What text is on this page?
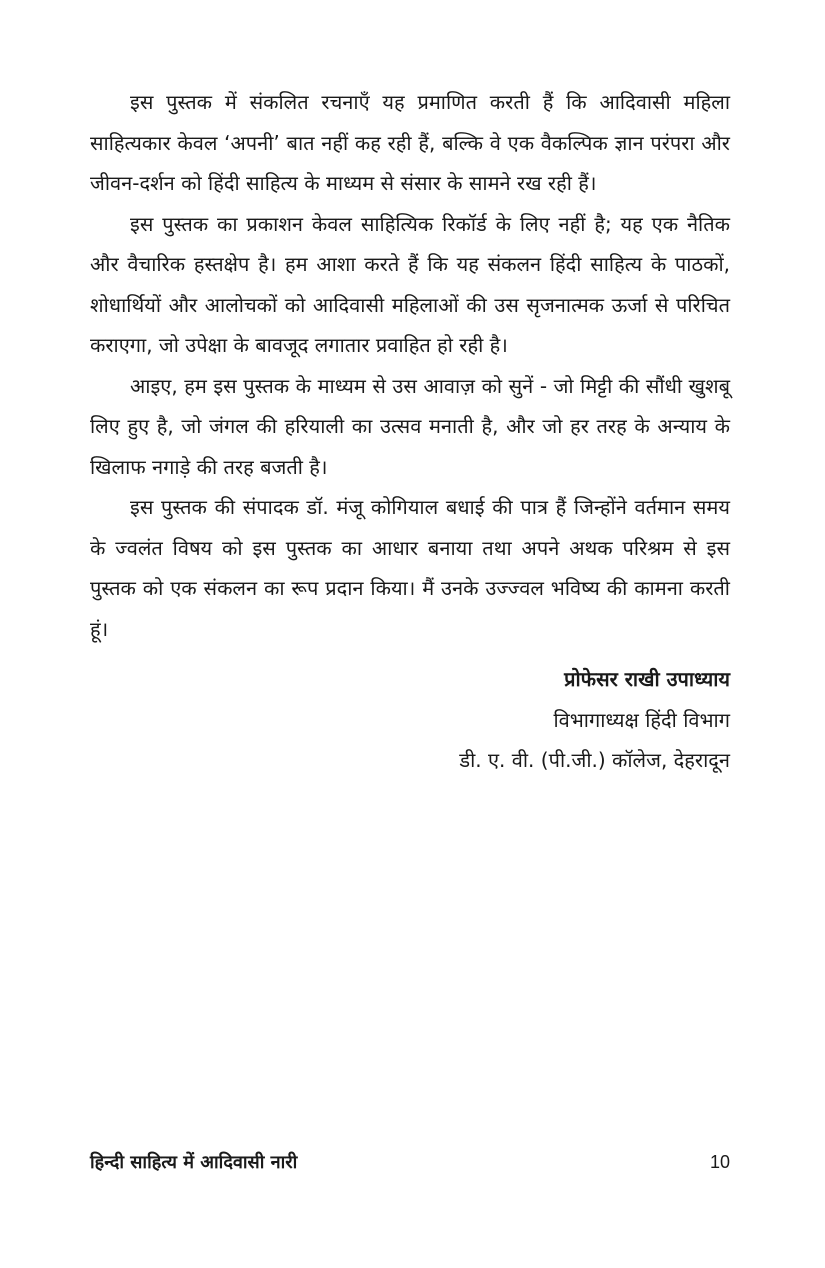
इस पुस्तक में संकलित रचनाएँ यह प्रमाणित करती हैं कि आदिवासी महिला साहित्यकार केवल ‘अपनी’ बात नहीं कह रही हैं, बल्कि वे एक वैकल्पिक ज्ञान परंपरा और जीवन-दर्शन को हिंदी साहित्य के माध्यम से संसार के सामने रख रही हैं।

इस पुस्तक का प्रकाशन केवल साहित्यिक रिकॉर्ड के लिए नहीं है; यह एक नैतिक और वैचारिक हस्तक्षेप है। हम आशा करते हैं कि यह संकलन हिंदी साहित्य के पाठकों, शोधार्थियों और आलोचकों को आदिवासी महिलाओं की उस सृजनात्मक ऊर्जा से परिचित कराएगा, जो उपेक्षा के बावजूद लगातार प्रवाहित हो रही है।

आइए, हम इस पुस्तक के माध्यम से उस आवाज़ को सुनें - जो मिट्टी की सौंधी खुशबू लिए हुए है, जो जंगल की हरियाली का उत्सव मनाती है, और जो हर तरह के अन्याय के खिलाफ नगाड़े की तरह बजती है।

इस पुस्तक की संपादक डॉ. मंजू कोगियाल बधाई की पात्र हैं जिन्होंने वर्तमान समय के ज्वलंत विषय को इस पुस्तक का आधार बनाया तथा अपने अथक परिश्रम से इस पुस्तक को एक संकलन का रूप प्रदान किया। मैं उनके उज्ज्वल भविष्य की कामना करती हूं।

प्रोफेसर राखी उपाध्याय
विभागाध्यक्ष हिंदी विभाग
डी. ए. वी. (पी.जी.) कॉलेज, देहरादून
हिन्दी साहित्य में आदिवासी नारी	10
